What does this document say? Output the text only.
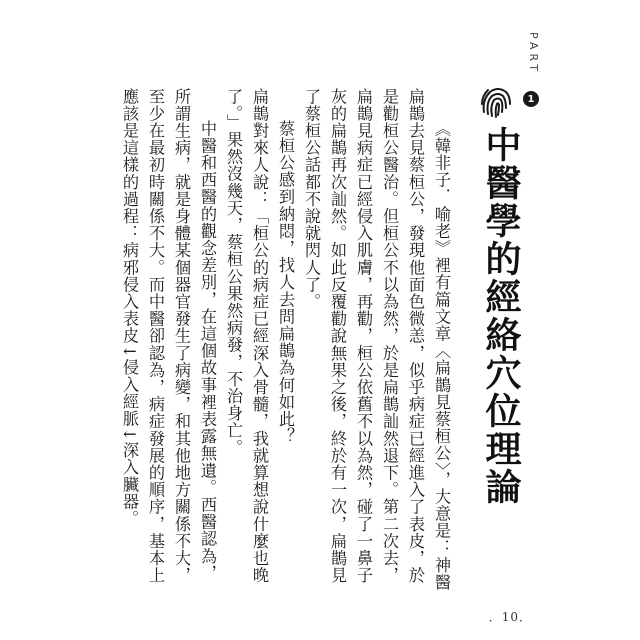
PART
1
中醫學的經絡穴位理論

《韓非子．喻老》裡有篇文章〈扁鵲見蔡桓公〉，大意是：神醫扁鵲去見蔡桓公，發現他面色微恙，似乎病症已經進入了表皮，於是勸桓公醫治。但桓公不以為然，於是扁鵲訕然退下。第二次去，扁鵲見病症已經侵入肌膚，再勸，桓公依舊不以為然，碰了一鼻子灰的扁鵲再次訕然。如此反覆勸說無果之後，終於有一次，扁鵲見了蔡桓公話都不說就閃人了。

蔡桓公感到納悶，找人去問扁鵲為何如此？

扁鵲對來人說：「桓公的病症已經深入骨髓，我就算想說什麼也晚了。」果然沒幾天，蔡桓公果然病發，不治身亡。

中醫和西醫的觀念差別，在這個故事裡表露無遺。西醫認為，所謂生病，就是身體某個器官發生了病變，和其他地方關係不大，至少在最初時關係不大。而中醫卻認為，病症發展的順序，基本上應該是這樣的過程：病邪侵入表皮↓侵入經脈↓深入臟器。

．10．
